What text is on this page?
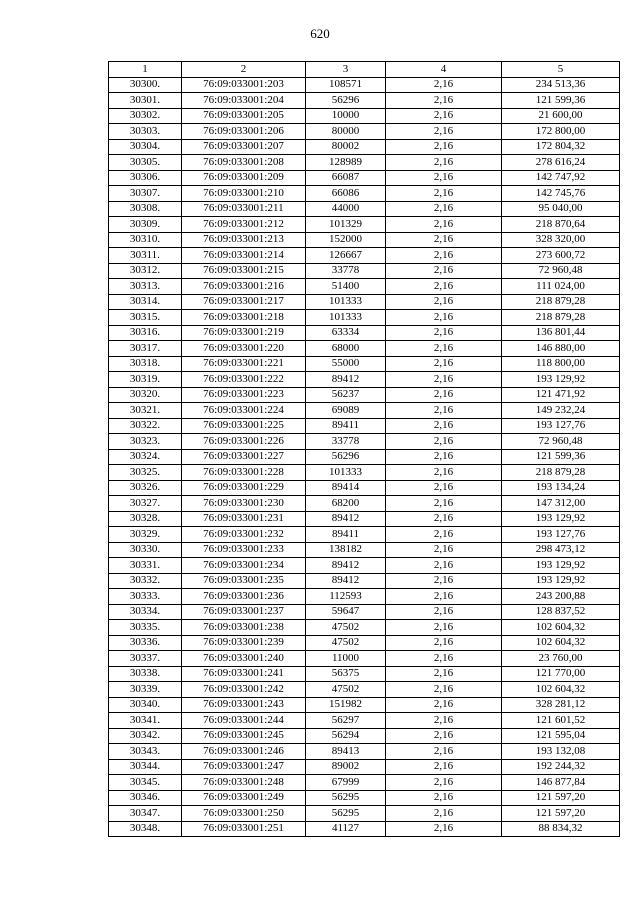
620
1	2	3	4	5
30300.	76:09:033001:203	108571	2,16	234 513,36
30301.	76:09:033001:204	56296	2,16	121 599,36
30302.	76:09:033001:205	10000	2,16	21 600,00
30303.	76:09:033001:206	80000	2,16	172 800,00
30304.	76:09:033001:207	80002	2,16	172 804,32
30305.	76:09:033001:208	128989	2,16	278 616,24
30306.	76:09:033001:209	66087	2,16	142 747,92
30307.	76:09:033001:210	66086	2,16	142 745,76
30308.	76:09:033001:211	44000	2,16	95 040,00
30309.	76:09:033001:212	101329	2,16	218 870,64
30310.	76:09:033001:213	152000	2,16	328 320,00
30311.	76:09:033001:214	126667	2,16	273 600,72
30312.	76:09:033001:215	33778	2,16	72 960,48
30313.	76:09:033001:216	51400	2,16	111 024,00
30314.	76:09:033001:217	101333	2,16	218 879,28
30315.	76:09:033001:218	101333	2,16	218 879,28
30316.	76:09:033001:219	63334	2,16	136 801,44
30317.	76:09:033001:220	68000	2,16	146 880,00
30318.	76:09:033001:221	55000	2,16	118 800,00
30319.	76:09:033001:222	89412	2,16	193 129,92
30320.	76:09:033001:223	56237	2,16	121 471,92
30321.	76:09:033001:224	69089	2,16	149 232,24
30322.	76:09:033001:225	89411	2,16	193 127,76
30323.	76:09:033001:226	33778	2,16	72 960,48
30324.	76:09:033001:227	56296	2,16	121 599,36
30325.	76:09:033001:228	101333	2,16	218 879,28
30326.	76:09:033001:229	89414	2,16	193 134,24
30327.	76:09:033001:230	68200	2,16	147 312,00
30328.	76:09:033001:231	89412	2,16	193 129,92
30329.	76:09:033001:232	89411	2,16	193 127,76
30330.	76:09:033001:233	138182	2,16	298 473,12
30331.	76:09:033001:234	89412	2,16	193 129,92
30332.	76:09:033001:235	89412	2,16	193 129,92
30333.	76:09:033001:236	112593	2,16	243 200,88
30334.	76:09:033001:237	59647	2,16	128 837,52
30335.	76:09:033001:238	47502	2,16	102 604,32
30336.	76:09:033001:239	47502	2,16	102 604,32
30337.	76:09:033001:240	11000	2,16	23 760,00
30338.	76:09:033001:241	56375	2,16	121 770,00
30339.	76:09:033001:242	47502	2,16	102 604,32
30340.	76:09:033001:243	151982	2,16	328 281,12
30341.	76:09:033001:244	56297	2,16	121 601,52
30342.	76:09:033001:245	56294	2,16	121 595,04
30343.	76:09:033001:246	89413	2,16	193 132,08
30344.	76:09:033001:247	89002	2,16	192 244,32
30345.	76:09:033001:248	67999	2,16	146 877,84
30346.	76:09:033001:249	56295	2,16	121 597,20
30347.	76:09:033001:250	56295	2,16	121 597,20
30348.	76:09:033001:251	41127	2,16	88 834,32
